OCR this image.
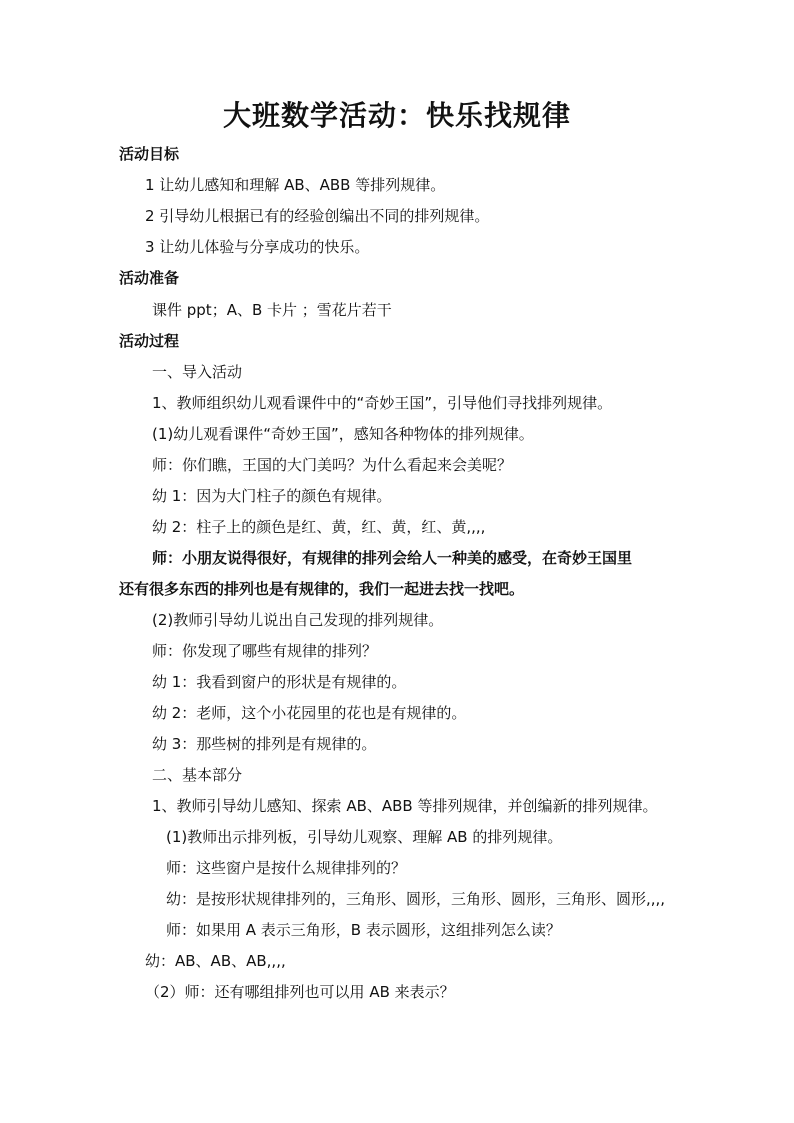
大班数学活动：快乐找规律
活动目标
1 让幼儿感知和理解 AB、ABB 等排列规律。
2 引导幼儿根据已有的经验创编出不同的排列规律。
3 让幼儿体验与分享成功的快乐。
活动准备
课件 ppt；A、B 卡片 ；雪花片若干
活动过程
一、导入活动
1、教师组织幼儿观看课件中的“奇妙王国”，引导他们寻找排列规律。
(1)幼儿观看课件“奇妙王国”，感知各种物体的排列规律。
师：你们瞧，王国的大门美吗？为什么看起来会美呢？
幼 1：因为大门柱子的颜色有规律。
幼 2：柱子上的颜色是红、黄，红、黄，红、黄,,,,
师：小朋友说得很好，有规律的排列会给人一种美的感受，在奇妙王国里
还有很多东西的排列也是有规律的，我们一起进去找一找吧。
(2)教师引导幼儿说出自己发现的排列规律。
师：你发现了哪些有规律的排列？
幼 1：我看到窗户的形状是有规律的。
幼 2：老师，这个小花园里的花也是有规律的。
幼 3：那些树的排列是有规律的。
二、基本部分
1、教师引导幼儿感知、探索 AB、ABB 等排列规律，并创编新的排列规律。
(1)教师出示排列板，引导幼儿观察、理解 AB 的排列规律。
师：这些窗户是按什么规律排列的？
幼：是按形状规律排列的，三角形、圆形，三角形、圆形，三角形、圆形,,,,
师：如果用 A 表示三角形，B 表示圆形，这组排列怎么读？
幼：AB、AB、AB,,,,
（2）师：还有哪组排列也可以用 AB 来表示？
